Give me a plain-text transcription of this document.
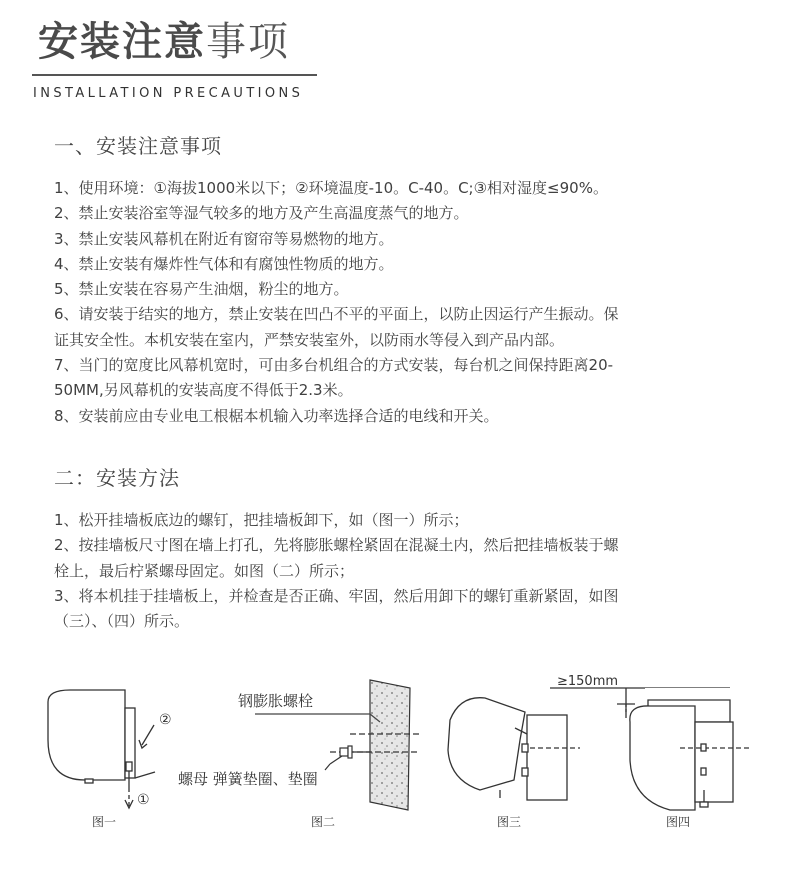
安装注意事项
INSTALLATION PRECAUTIONS
一、安装注意事项
1、使用环境：①海拔1000米以下；②环境温度-10。C-40。C;③相对湿度≤90%。
2、禁止安装浴室等湿气较多的地方及产生高温度蒸气的地方。
3、禁止安装风幕机在附近有窗帘等易燃物的地方。
4、禁止安装有爆炸性气体和有腐蚀性物质的地方。
5、禁止安装在容易产生油烟，粉尘的地方。
6、请安装于结实的地方，禁止安装在凹凸不平的平面上，以防止因运行产生振动。保
证其安全性。本机安装在室内，严禁安装室外，以防雨水等侵入到产品内部。
7、当门的宽度比风幕机宽时，可由多台机组合的方式安装，每台机之间保持距离20-
50MM,另风幕机的安装高度不得低于2.3米。
8、安装前应由专业电工根椐本机输入功率选择合适的电线和开关。
二：安装方法
1、松开挂墙板底边的螺钉，把挂墙板卸下，如（图一）所示；
2、按挂墙板尺寸图在墙上打孔，先将膨胀螺栓紧固在混凝土内，然后把挂墙板装于螺
栓上，最后柠紧螺母固定。如图（二）所示；
3、将本机挂于挂墙板上，并检查是否正确、牢固，然后用卸下的螺钉重新紧固，如图
（三）、（四）所示。
钢膨胀螺栓
螺母 弹簧垫圈、垫圈
≥150mm
②
①
图一	图二	图三	图四
